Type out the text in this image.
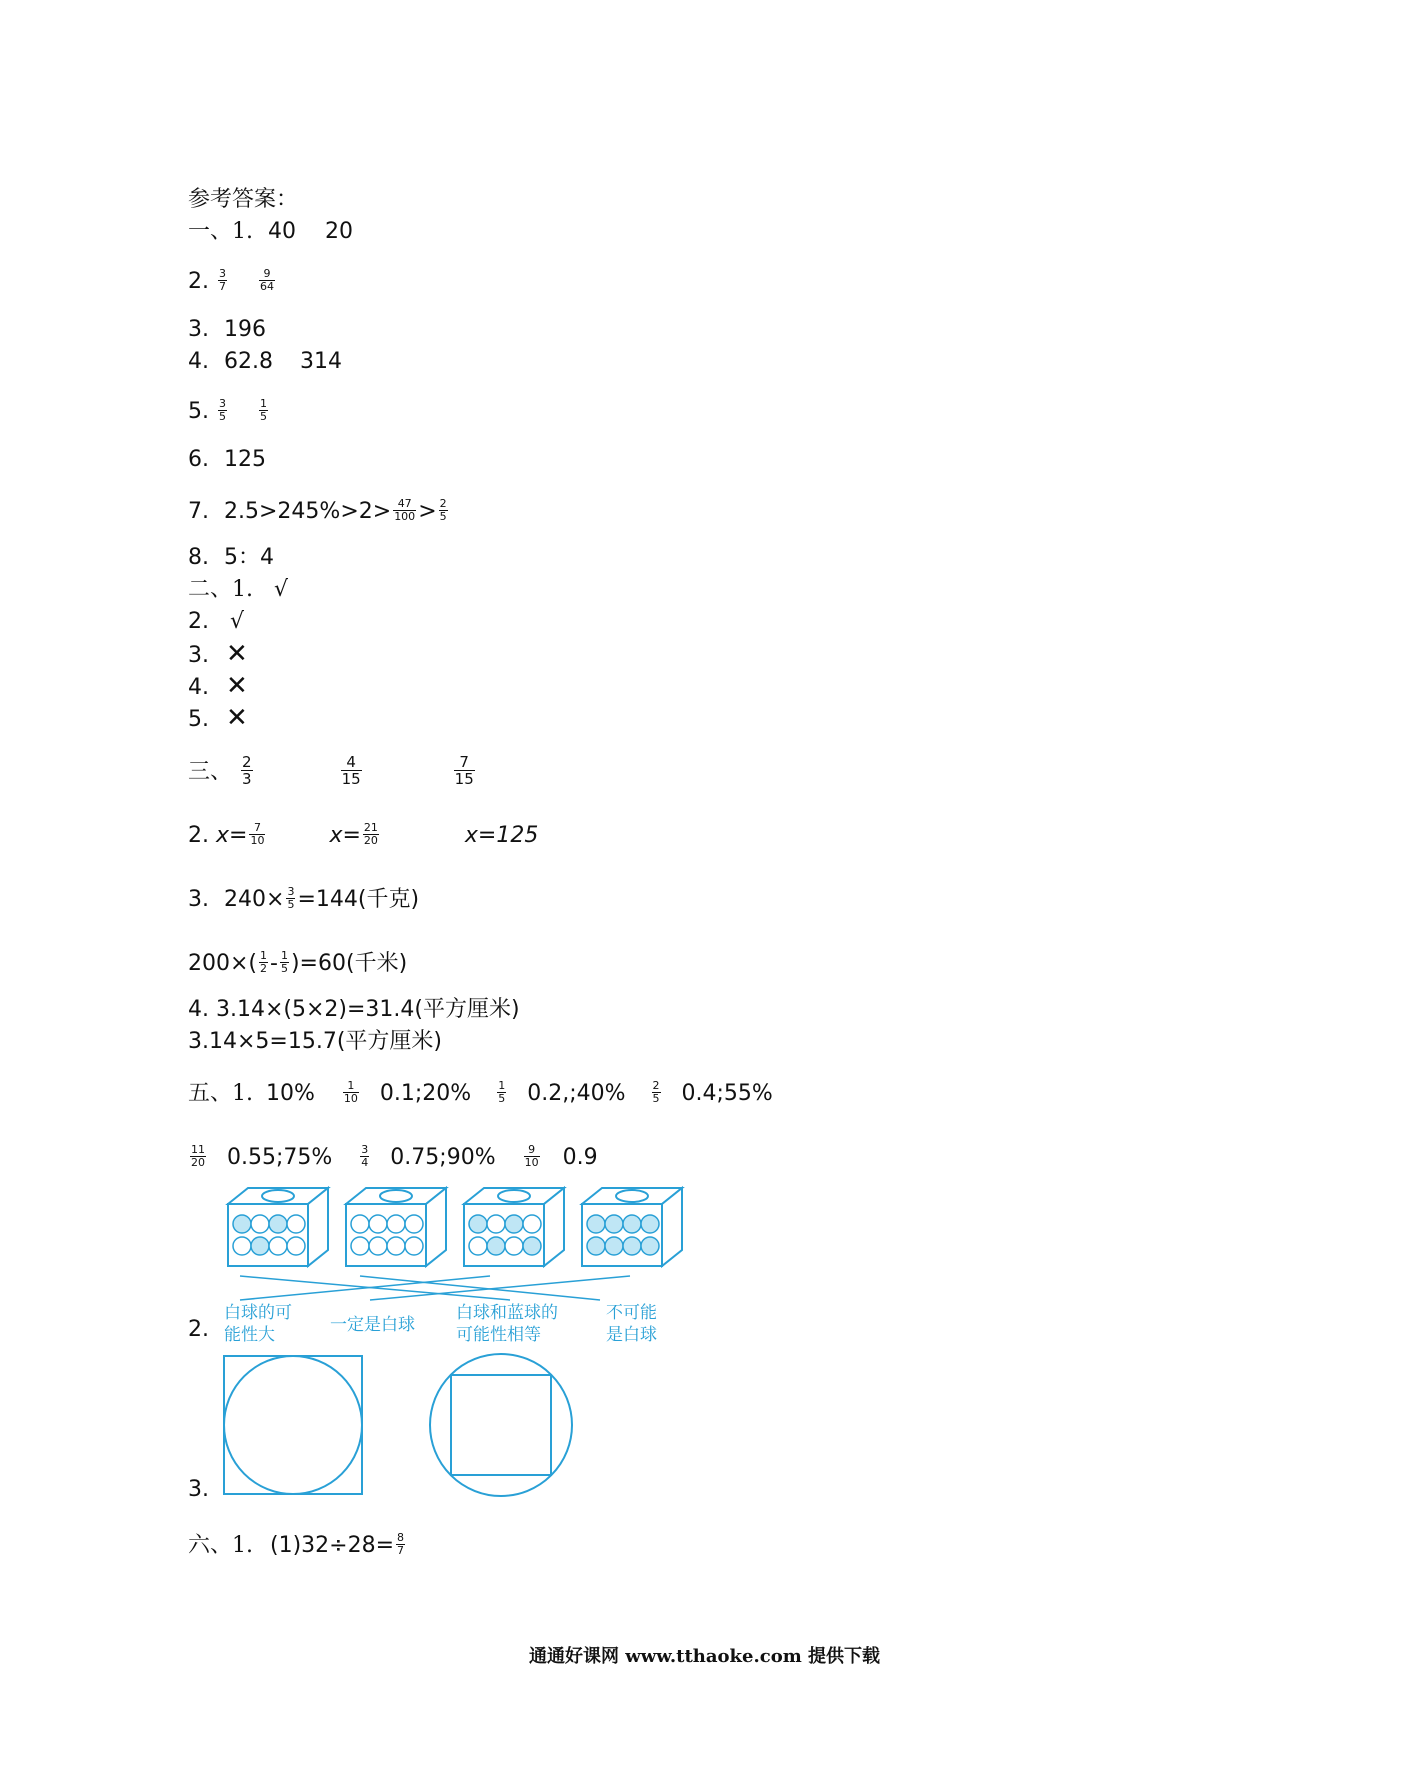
参考答案：
一、1. 40 20
2. $\frac{3}{7}$
	$\frac{9}{64}$
3. 196
4. 62.8 314
5. $\frac{3}{5}$
	$\frac{1}{5}$
6. 125
7. $2.5>245\%>2> \frac{47}{100} > \frac{2}{5}$
8. 5：4
二、1. √
2. √
3. ✕
4. ✕
5. ✕
三、 $\frac{2}{3}$
	$\frac{4}{15}$
	$\frac{7}{15}$
2. $x= \frac{7}{10}$	$x= \frac{21}{20}$	x=125
3. $240\times \frac{3}{5} =144$(千克)
$200\times( \frac{1}{2} - \frac{1}{5} )=60$(千米)
4. 3.14×(5×2)=31.4(平方厘米)
3.14×5=15.7(平方厘米)
五、1. 10%	$\frac{1}{10}$ 0.1;20% $\frac{1}{5}$ 0.2,;40% $\frac{2}{5}$ 0.4;55%
$\frac{11}{20}$ 0.55;75%	$\frac{3}{4}$ 0.75;90%	$\frac{9}{10} 0.9$
2.
白球的可
能性大	一定是白球
白球和蓝球的
可能性相等
不可能
是白球
3.
六、1. $(1)32\div 28= \frac{8}{7}$
通通好课网 www.tthaoke.com 提供下载
